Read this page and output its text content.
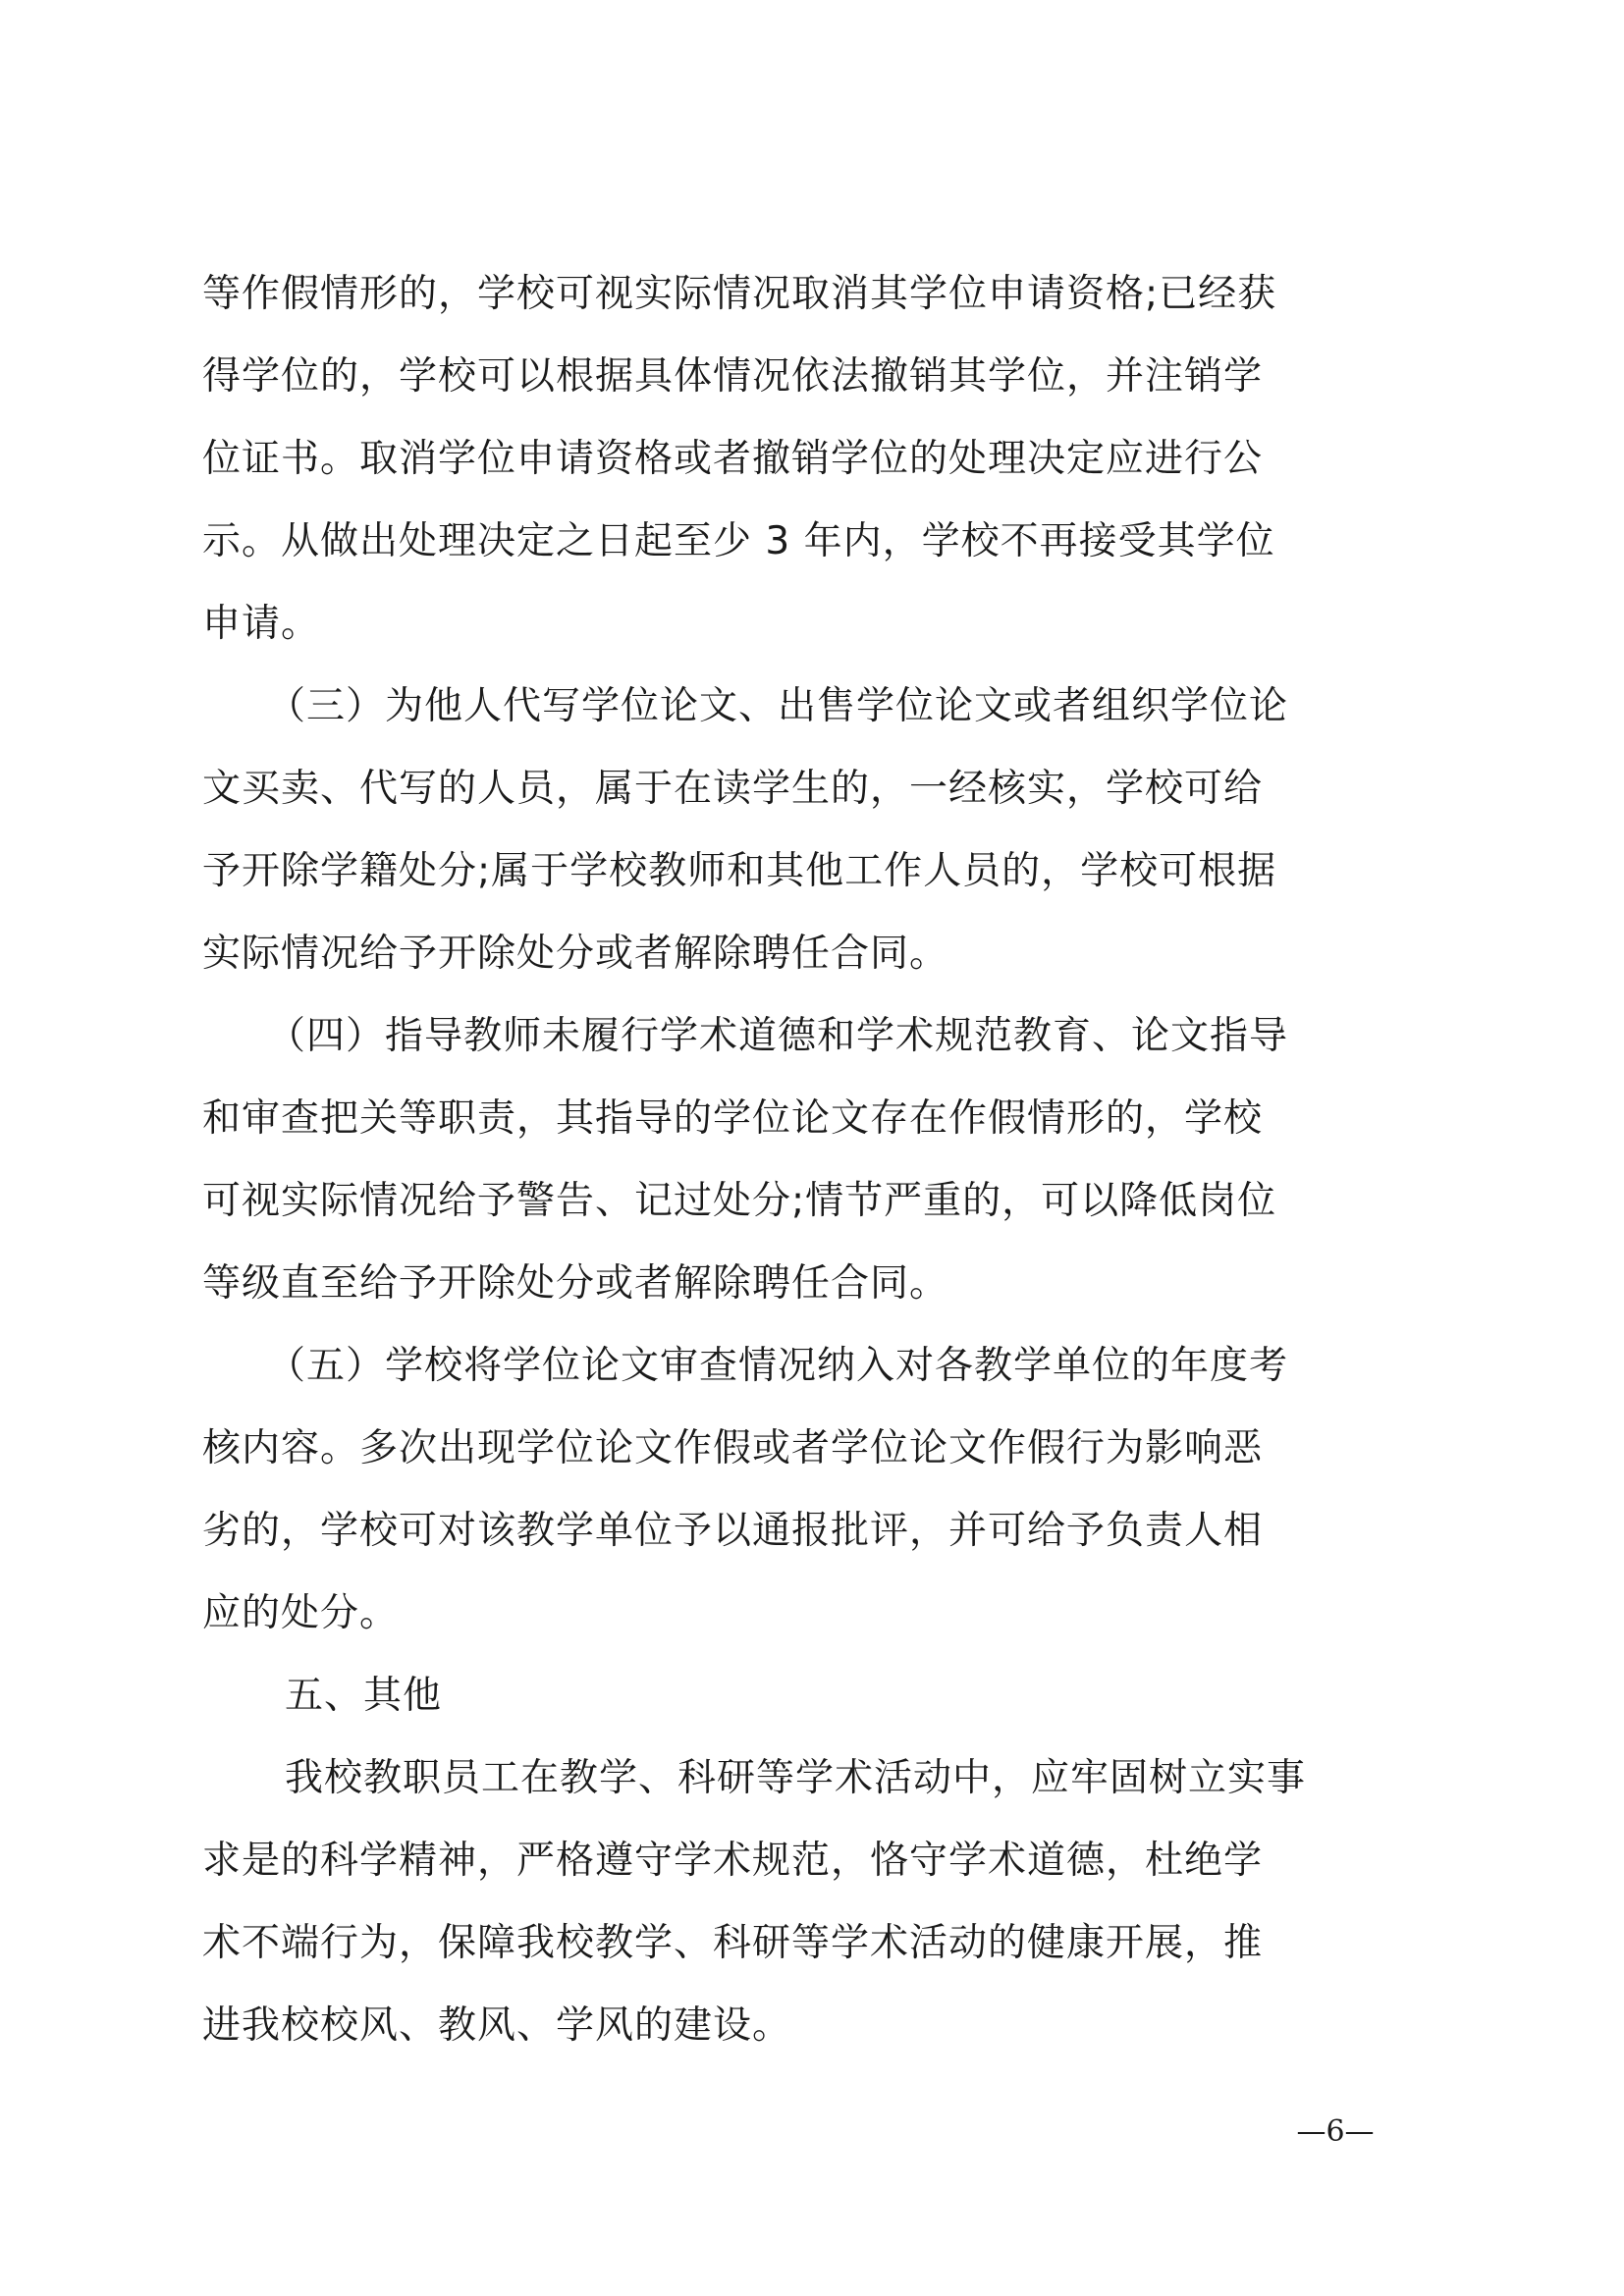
等作假情形的，学校可视实际情况取消其学位申请资格;已经获
得学位的，学校可以根据具体情况依法撤销其学位，并注销学
位证书。取消学位申请资格或者撤销学位的处理决定应进行公
示。从做出处理决定之日起至少 3 年内，学校不再接受其学位
申请。
（三）为他人代写学位论文、出售学位论文或者组织学位论
文买卖、代写的人员，属于在读学生的，一经核实，学校可给
予开除学籍处分;属于学校教师和其他工作人员的，学校可根据
实际情况给予开除处分或者解除聘任合同。
（四）指导教师未履行学术道德和学术规范教育、论文指导
和审查把关等职责，其指导的学位论文存在作假情形的，学校
可视实际情况给予警告、记过处分;情节严重的，可以降低岗位
等级直至给予开除处分或者解除聘任合同。
（五）学校将学位论文审查情况纳入对各教学单位的年度考
核内容。多次出现学位论文作假或者学位论文作假行为影响恶
劣的，学校可对该教学单位予以通报批评，并可给予负责人相
应的处分。
五、其他
我校教职员工在教学、科研等学术活动中，应牢固树立实事
求是的科学精神，严格遵守学术规范，恪守学术道德，杜绝学
术不端行为，保障我校教学、科研等学术活动的健康开展，推
进我校校风、教风、学风的建设。
—6—
